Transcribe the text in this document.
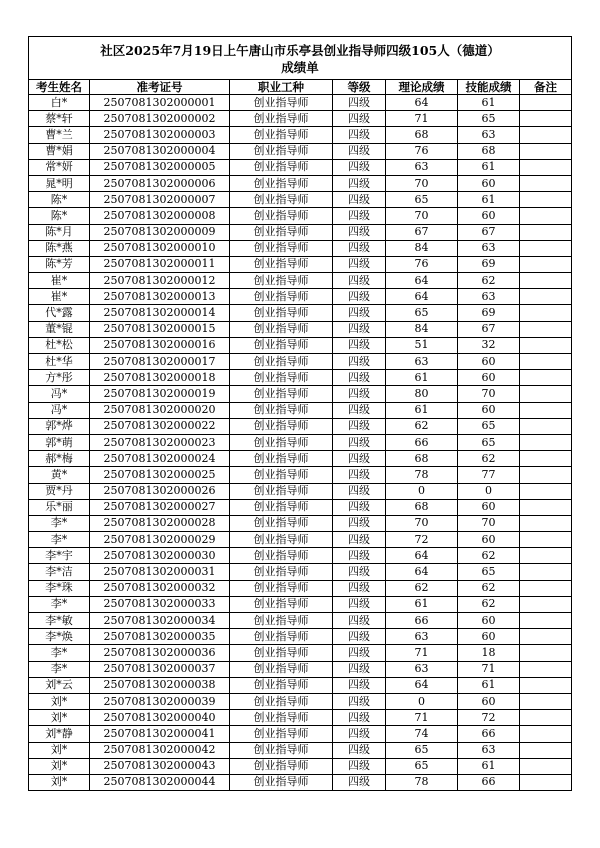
社区2025年7月19日上午唐山市乐亭县创业指导师四级105人（德道）
成绩单						

考生姓名	准考证号	职业工种	等级	理论成绩	技能成绩	备注
白*	2507081302000001	创业指导师	四级	64	61	
蔡*轩	2507081302000002	创业指导师	四级	71	65	
曹*兰	2507081302000003	创业指导师	四级	68	63	
曹*娟	2507081302000004	创业指导师	四级	76	68	
常*妍	2507081302000005	创业指导师	四级	63	61	
晁*明	2507081302000006	创业指导师	四级	70	60	
陈*	2507081302000007	创业指导师	四级	65	61	
陈*	2507081302000008	创业指导师	四级	70	60	
陈*月	2507081302000009	创业指导师	四级	67	67	
陈*燕	2507081302000010	创业指导师	四级	84	63	
陈*芳	2507081302000011	创业指导师	四级	76	69	
崔*	2507081302000012	创业指导师	四级	64	62	
崔*	2507081302000013	创业指导师	四级	64	63	
代*露	2507081302000014	创业指导师	四级	65	69	
董*锟	2507081302000015	创业指导师	四级	84	67	
杜*松	2507081302000016	创业指导师	四级	51	32	
杜*华	2507081302000017	创业指导师	四级	63	60	
方*彤	2507081302000018	创业指导师	四级	61	60	
冯*	2507081302000019	创业指导师	四级	80	70	
冯*	2507081302000020	创业指导师	四级	61	60	
郭*烨	2507081302000022	创业指导师	四级	62	65	
郭*萌	2507081302000023	创业指导师	四级	66	65	
郝*梅	2507081302000024	创业指导师	四级	68	62	
黄*	2507081302000025	创业指导师	四级	78	77	
贾*丹	2507081302000026	创业指导师	四级	0	0	
乐*丽	2507081302000027	创业指导师	四级	68	60	
李*	2507081302000028	创业指导师	四级	70	70	
李*	2507081302000029	创业指导师	四级	72	60	
李*宇	2507081302000030	创业指导师	四级	64	62	
李*洁	2507081302000031	创业指导师	四级	64	65	
李*珠	2507081302000032	创业指导师	四级	62	62	
李*	2507081302000033	创业指导师	四级	61	62	
李*敏	2507081302000034	创业指导师	四级	66	60	
李*焕	2507081302000035	创业指导师	四级	63	60	
李*	2507081302000036	创业指导师	四级	71	18	
李*	2507081302000037	创业指导师	四级	63	71	
刘*云	2507081302000038	创业指导师	四级	64	61	
刘*	2507081302000039	创业指导师	四级	0	60	
刘*	2507081302000040	创业指导师	四级	71	72	
刘*静	2507081302000041	创业指导师	四级	74	66	
刘*	2507081302000042	创业指导师	四级	65	63	
刘*	2507081302000043	创业指导师	四级	65	61	
刘*	2507081302000044	创业指导师	四级	78	66	
